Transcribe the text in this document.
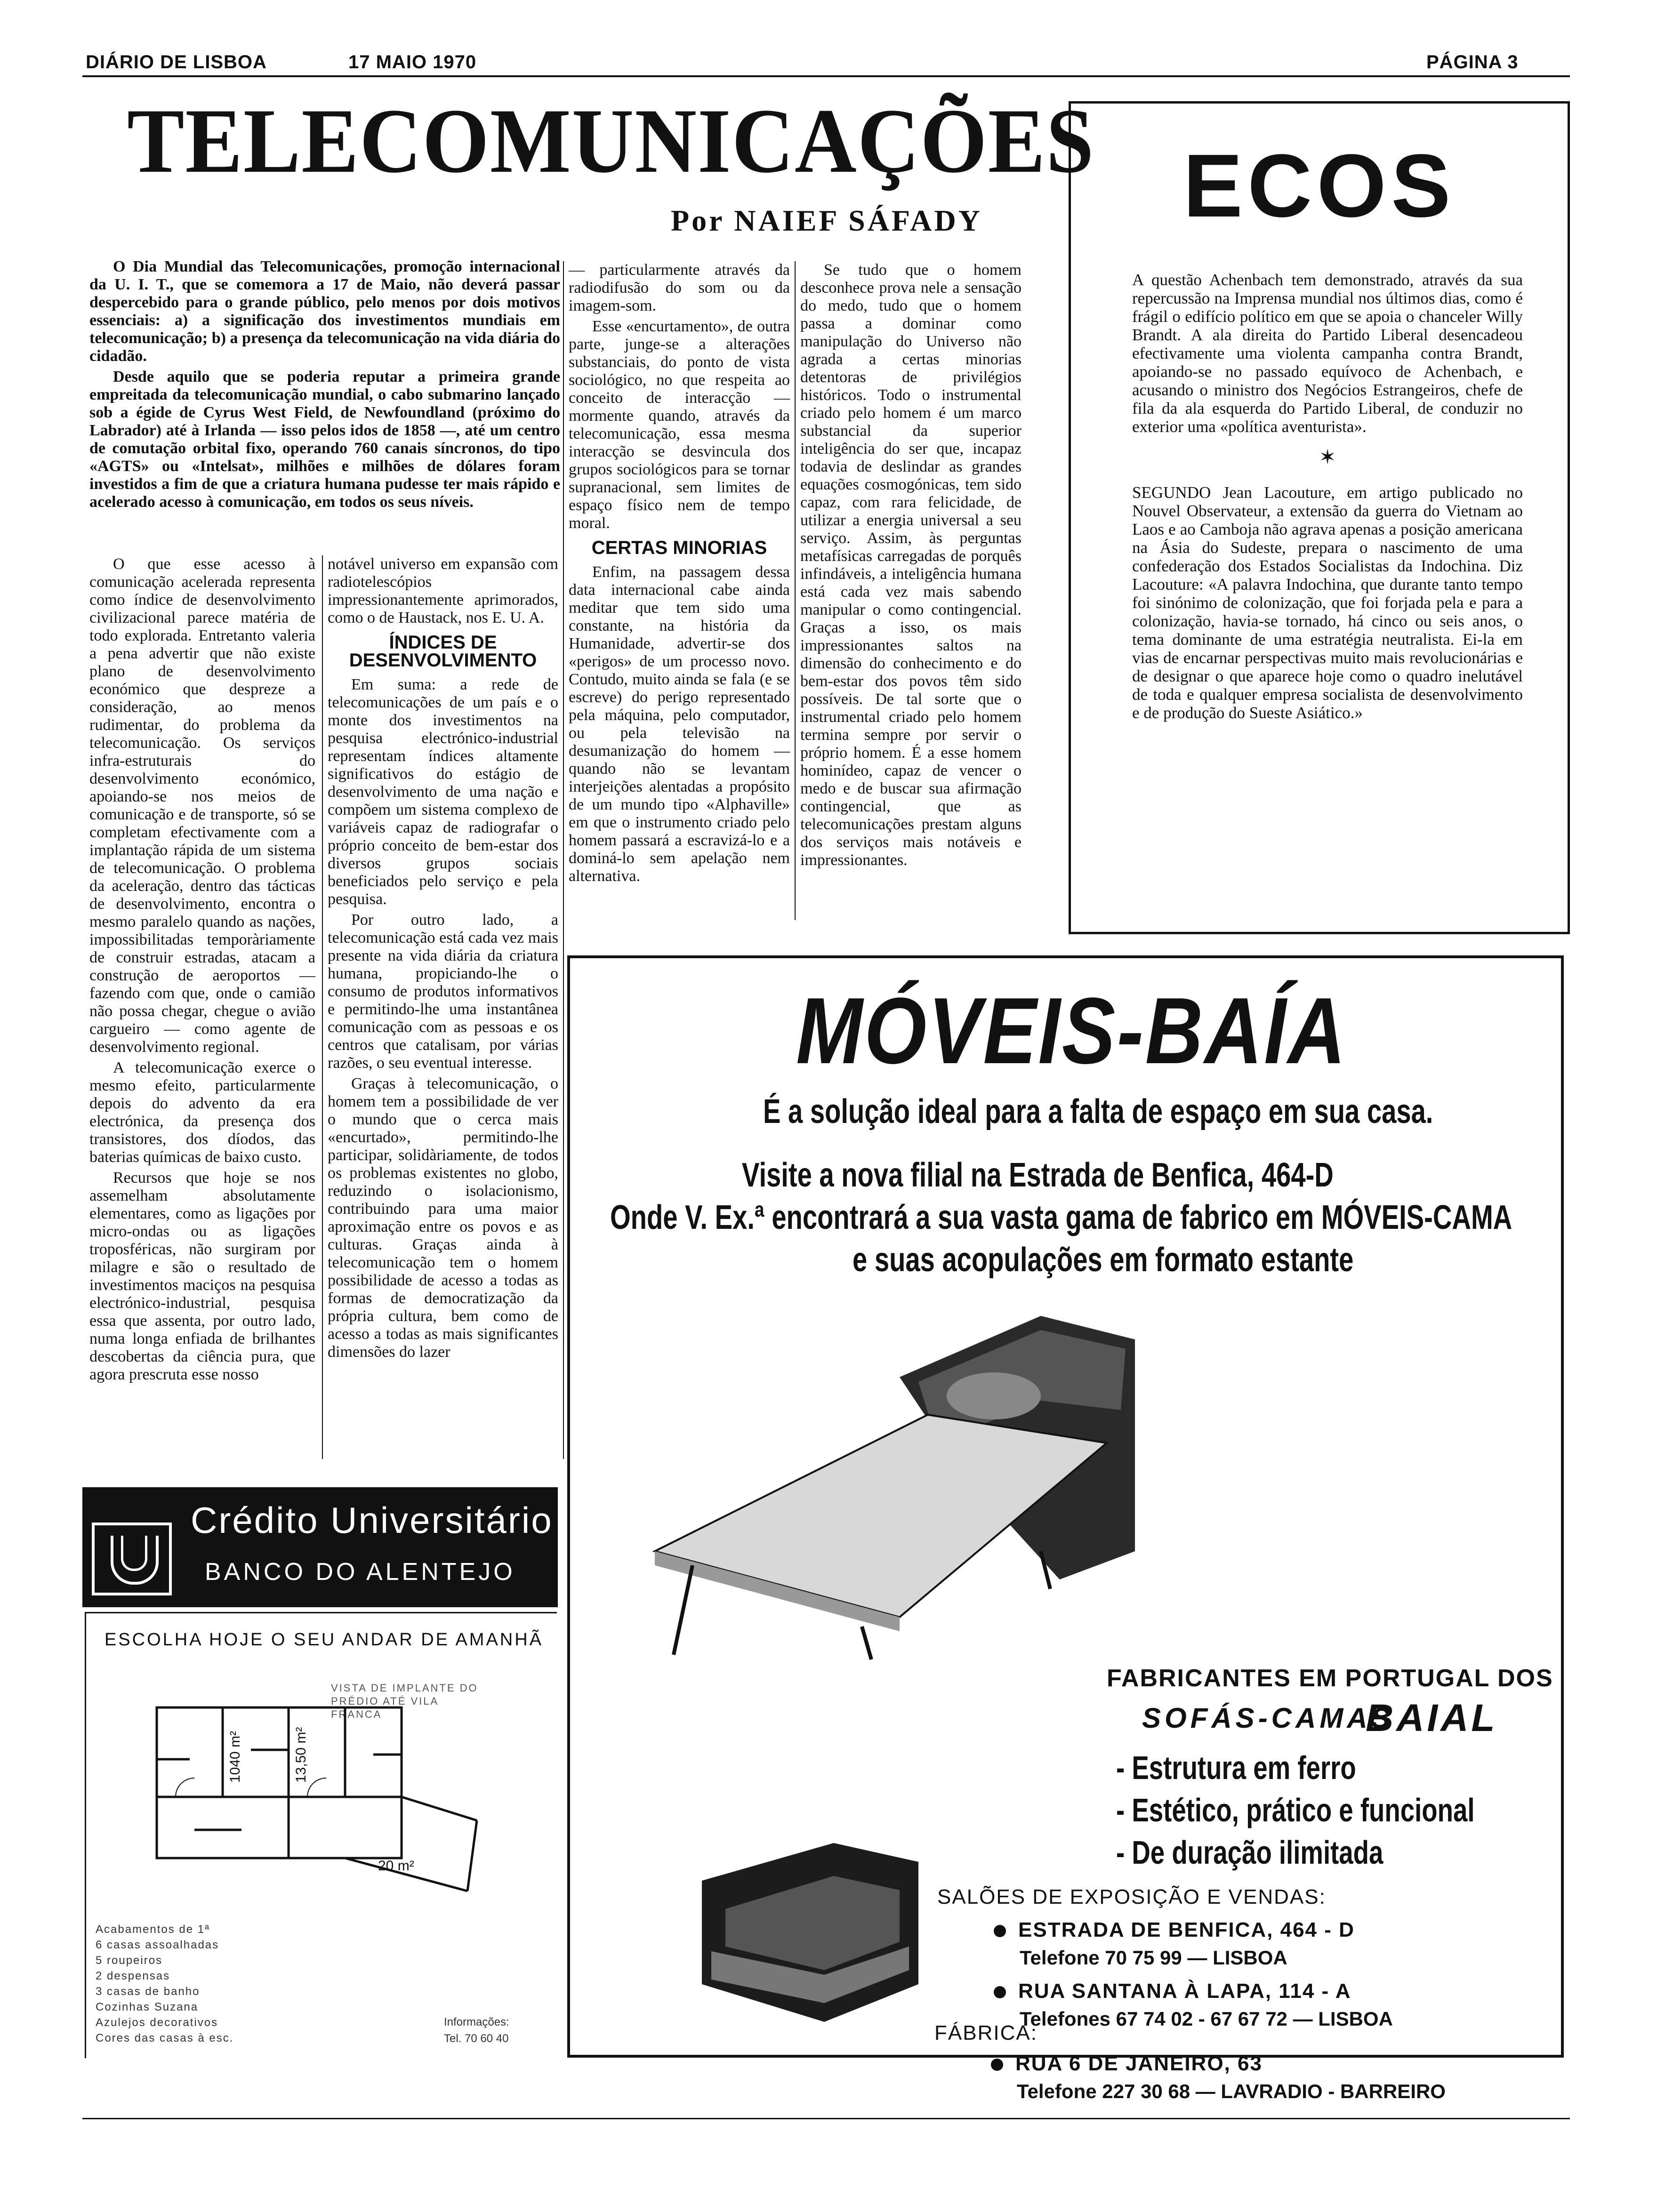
DIÁRIO DE LISBOA	17 MAIO 1970	PÁGINA 3
TELECOMUNICAÇÕES
Por NAIEF SÁFADY

O Dia Mundial das Telecomunicações, promoção internacional da U. I. T., que se comemora a 17 de Maio, não deverá passar despercebido para o grande público, pelo menos por dois motivos essenciais: a) a significação dos investimentos mundiais em telecomunicação; b) a presença da telecomunicação na vida diária do cidadão.

Desde aquilo que se poderia reputar a primeira grande empreitada da telecomunicação mundial, o cabo submarino lançado sob a égide de Cyrus West Field, de Newfoundland (próximo do Labrador) até à Irlanda — isso pelos idos de 1858 —, até um centro de comutação orbital fixo, operando 760 canais síncronos, do tipo «AGTS» ou «Intelsat», milhões e milhões de dólares foram investidos a fim de que a criatura humana pudesse ter mais rápido e acelerado acesso à comunicação, em todos os seus níveis.

O que esse acesso à comunicação acelerada representa como índice de desenvolvimento civilizacional parece matéria de todo explorada. Entretanto valeria a pena advertir que não existe plano de desenvolvimento económico que despreze a consideração, ao menos rudimentar, do problema da telecomunicação. Os serviços infra-estruturais do desenvolvimento económico, apoiando-se nos meios de comunicação e de transporte, só se completam efectivamente com a implantação rápida de um sistema de telecomunicação. O problema da aceleração, dentro das tácticas de desenvolvimento, encontra o mesmo paralelo quando as nações, impossibilitadas temporàriamente de construir estradas, atacam a construção de aeroportos — fazendo com que, onde o camião não possa chegar, chegue o avião cargueiro — como agente de desenvolvimento regional.

A telecomunicação exerce o mesmo efeito, particularmente depois do advento da era electrónica, da presença dos transistores, dos díodos, das baterias químicas de baixo custo.

Recursos que hoje se nos assemelham absolutamente elementares, como as ligações por micro-ondas ou as ligações troposféricas, não surgiram por milagre e são o resultado de investimentos maciços na pesquisa electrónico-industrial, pesquisa essa que assenta, por outro lado, numa longa enfiada de brilhantes descobertas da ciência pura, que agora prescruta esse nosso

notável universo em expansão com radiotelescópios impressionantemente aprimorados, como o de Haustack, nos E. U. A.

ÍNDICES DE DESENVOLVIMENTO

Em suma: a rede de telecomunicações de um país e o monte dos investimentos na pesquisa electrónico-industrial representam índices altamente significativos do estágio de desenvolvimento de uma nação e compõem um sistema complexo de variáveis capaz de radiografar o próprio conceito de bem-estar dos diversos grupos sociais beneficiados pelo serviço e pela pesquisa.

Por outro lado, a telecomunicação está cada vez mais presente na vida diária da criatura humana, propiciando-lhe o consumo de produtos informativos e permitindo-lhe uma instantânea comunicação com as pessoas e os centros que catalisam, por várias razões, o seu eventual interesse.

Graças à telecomunicação, o homem tem a possibilidade de ver o mundo que o cerca mais «encurtado», permitindo-lhe participar, solidàriamente, de todos os problemas existentes no globo, reduzindo o isolacionismo, contribuindo para uma maior aproximação entre os povos e as culturas. Graças ainda à telecomunicação tem o homem possibilidade de acesso a todas as formas de democratização da própria cultura, bem como de acesso a todas as mais significantes dimensões do lazer

— particularmente através da radiodifusão do som ou da imagem-som.

Esse «encurtamento», de outra parte, junge-se a alterações substanciais, do ponto de vista sociológico, no que respeita ao conceito de interacção — mormente quando, através da telecomunicação, essa mesma interacção se desvincula dos grupos sociológicos para se tornar supranacional, sem limites de espaço físico nem de tempo moral.

CERTAS MINORIAS

Enfim, na passagem dessa data internacional cabe ainda meditar que tem sido uma constante, na história da Humanidade, advertir-se dos «perigos» de um processo novo. Contudo, muito ainda se fala (e se escreve) do perigo representado pela máquina, pelo computador, ou pela televisão na desumanização do homem — quando não se levantam interjeições alentadas a propósito de um mundo tipo «Alphaville» em que o instrumento criado pelo homem passará a escravizá-lo e a dominá-lo sem apelação nem alternativa.

Se tudo que o homem desconhece prova nele a sensação do medo, tudo que o homem passa a dominar como manipulação do Universo não agrada a certas minorias detentoras de privilégios históricos. Todo o instrumental criado pelo homem é um marco substancial da superior inteligência do ser que, incapaz todavia de deslindar as grandes equações cosmogónicas, tem sido capaz, com rara felicidade, de utilizar a energia universal a seu serviço. Assim, às perguntas metafísicas carregadas de porquês infindáveis, a inteligência humana está cada vez mais sabendo manipular o como contingencial. Graças a isso, os mais impressionantes saltos na dimensão do conhecimento e do bem-estar dos povos têm sido possíveis. De tal sorte que o instrumental criado pelo homem termina sempre por servir o próprio homem. É a esse homem hominídeo, capaz de vencer o medo e de buscar sua afirmação contingencial, que as telecomunicações prestam alguns dos serviços mais notáveis e impressionantes.

ECOS

A questão Achenbach tem demonstrado, através da sua repercussão na Imprensa mundial nos últimos dias, como é frágil o edifício político em que se apoia o chanceler Willy Brandt. A ala direita do Partido Liberal desencadeou efectivamente uma violenta campanha contra Brandt, apoiando-se no passado equívoco de Achenbach, e acusando o ministro dos Negócios Estrangeiros, chefe de fila da ala esquerda do Partido Liberal, de conduzir no exterior uma «política aventurista».

✶

SEGUNDO Jean Lacouture, em artigo publicado no Nouvel Observateur, a extensão da guerra do Vietnam ao Laos e ao Camboja não agrava apenas a posição americana na Ásia do Sudeste, prepara o nascimento de uma confederação dos Estados Socialistas da Indochina. Diz Lacouture: «A palavra Indochina, que durante tanto tempo foi sinónimo de colonização, que foi forjada pela e para a colonização, havia-se tornado, há cinco ou seis anos, o tema dominante de uma estratégia neutralista. Ei-la em vias de encarnar perspectivas muito mais revolucionárias e de designar o que aparece hoje como o quadro inelutável de toda e qualquer empresa socialista de desenvolvimento e de produção do Sueste Asiático.»

Crédito Universitário
BANCO DO ALENTEJO
ESCOLHA HOJE O SEU ANDAR DE AMANHÃ
VISTA DE IMPLANTE DO PRÉDIO ATÉ VILA FRANCA
1040 m²	13,50 m²
20 m²
Acabamentos de 1ª
6 casas assoalhadas
5 roupeiros
2 despensas
3 casas de banho
Cozinhas Suzana
Azulejos decorativos
Cores das casas à esc.
Informações:
Tel. 70 60 40
MÓVEIS-BAÍA
É a solução ideal para a falta de espaço em sua casa.
Visite a nova filial na Estrada de Benfica, 464-D
Onde V. Ex.ª encontrará a sua vasta gama de fabrico em MÓVEIS-CAMA
e suas acopulações em formato estante
FABRICANTES EM PORTUGAL DOS
SOFÁS-CAMAS
BAIAL
- Estrutura em ferro
- Estético, prático e funcional
- De duração ilimitada
SALÕES DE EXPOSIÇÃO E VENDAS:
ESTRADA DE BENFICA, 464 - D
Telefone 70 75 99 — LISBOA
RUA SANTANA À LAPA, 114 - A
Telefones 67 74 02 - 67 67 72 — LISBOA
FÁBRICA:
RUA 6 DE JANEIRO, 63
Telefone 227 30 68 — LAVRADIO - BARREIRO
